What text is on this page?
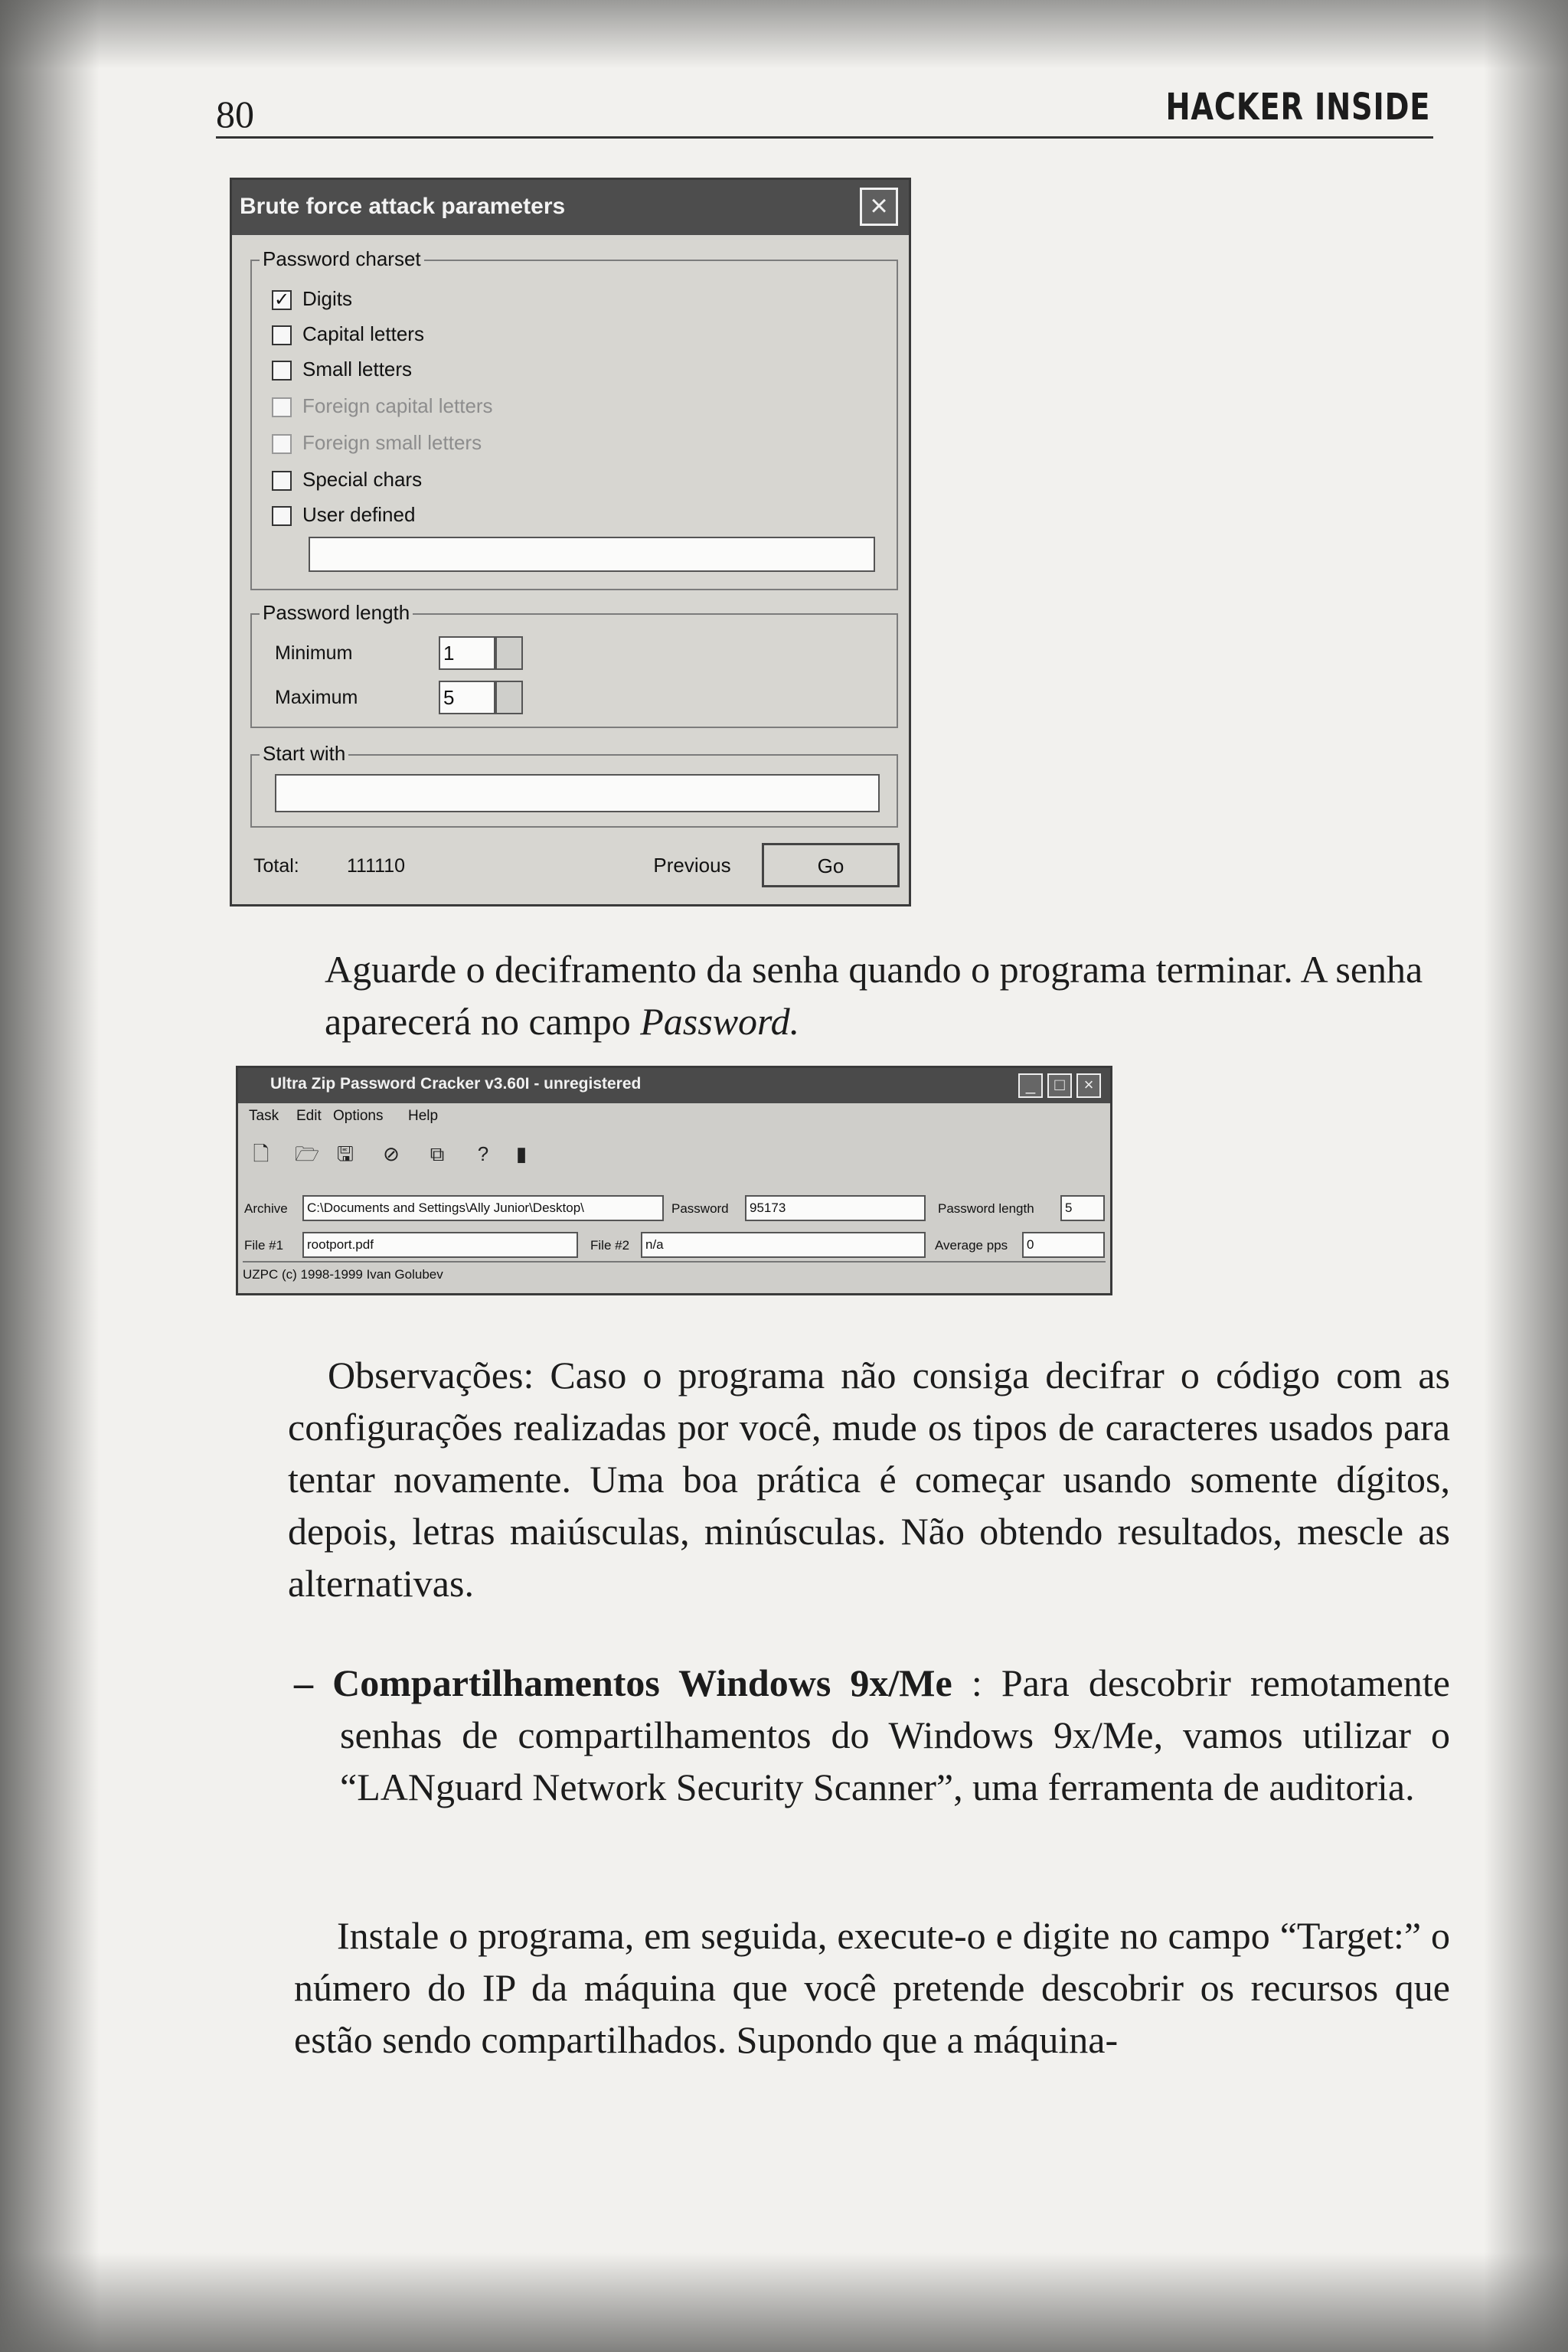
80	HACKER INSIDE
Brute force attack parameters	×
Password charset
✓ Digits
Capital letters
Small letters
Foreign capital letters
Foreign small letters
Special chars
User defined
Password length
Minimum	1
Maximum	5
Start with
Total: 111110	Previous	Go

Aguarde o deciframento da senha quando o programa terminar. A senha aparecerá no campo Password.

Ultra Zip Password Cracker v3.60I - unregistered	_	□	×
Task Edit Options Help
🗋	🗁 🖫	⊘	⧉	?	▮
Archive	C:\Documents and Settings\Ally Junior\Desktop\	Password	95173	Password length	5
File #1	rootport.pdf	File #2	n/a	Average pps	0
UZPC (c) 1998-1999 Ivan Golubev

Observações: Caso o programa não consiga decifrar o código com as configurações realizadas por você, mude os tipos de caracteres usados para tentar novamente. Uma boa prática é começar usando somente dígitos, depois, letras maiúsculas, minúsculas. Não obtendo resultados, mescle as alternativas.

– Compartilhamentos Windows 9x/Me : Para descobrir remotamente senhas de compartilhamentos do Windows 9x/Me, vamos utilizar o “LANguard Network Security Scanner”, uma ferramenta de auditoria.

Instale o programa, em seguida, execute-o e digite no campo “Target:” o número do IP da máquina que você pretende descobrir os recursos que estão sendo compartilhados. Supondo que a máquina-
